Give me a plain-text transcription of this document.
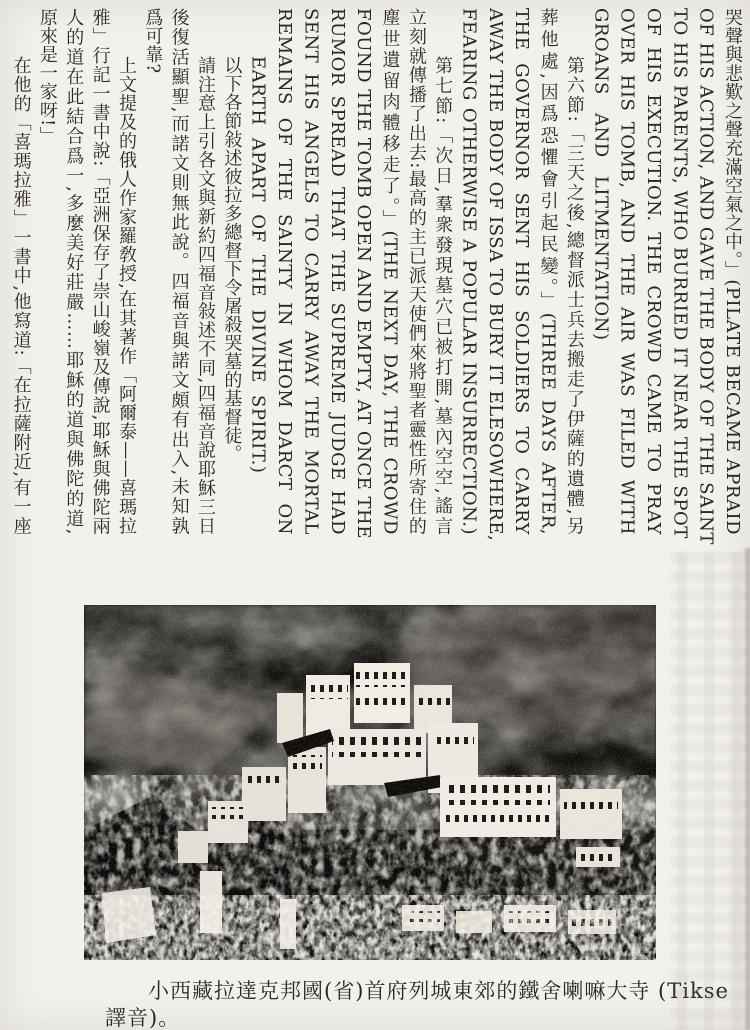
哭聲與悲歎之聲充滿空氣之中。」(PILATE BECAME APRAID
OF HIS ACTION, AND GAVE THE BODY OF THE SAINT
TO HIS PARENTS, WHO BURRIED IT NEAR THE SPOT
OF HIS EXECUTION. THE CROWD CAME TO PRAY
OVER HIS TOMB, AND THE AIR WAS FILED WITH
GROANS AND LITMENTATION)
第六節:「三天之後,總督派士兵去搬走了伊薩的遺體,另
葬他處,因爲恐懼會引起民變。」(THREE DAYS AFTER,
THE GOVERNOR SENT HIS SOLDIERS TO CARRY
AWAY THE BODY OF ISSA TO BURY IT ELESOWHERE,
FEARING OTHERWISE A POPULAR INSURRECTION.)
第七節:「次日,羣衆發現墓穴已被打開,墓內空空,謠言
立刻就傳播了出去:最高的主已派天使們來將聖者靈性所寄住的
塵世遺留肉體移走了。」(THE NEXT DAY, THE CROWD
FOUND THE TOMB OPEN AND EMPTY, AT ONCE THE
RUMOR SPREAD THAT THE SUPREME JUDGE HAD
SENT HIS ANGELS TO CARRY AWAY THE MORTAL
REMAINS OF THE SAINTY IN WHOM DARCT ON
EARTH APART OF THE DIVINE SPIRIT.)
以下各節敍述彼拉多總督下令屠殺哭墓的基督徒。
請注意上引各文與新約四福音敍述不同,四福音說耶穌三日
後復活顯聖,而諾文則無此說。四福音與諾文頗有出入,未知孰
爲可靠?
上文提及的俄人作家羅敎授,在其著作「阿爾泰——喜瑪拉
雅」行記一書中說:「亞洲保存了崇山峻嶺及傳說,耶穌與佛陀兩
人的道在此結合爲一,多麼美好莊嚴……耶穌的道與佛陀的道,
原來是一家呀!」
在他的「喜瑪拉雅」一書中,他寫道:「在拉薩附近,有一座
小西藏拉達克邦國(省)首府列城東郊的鐵舍喇嘛大寺 (Tikse
譯音)。
